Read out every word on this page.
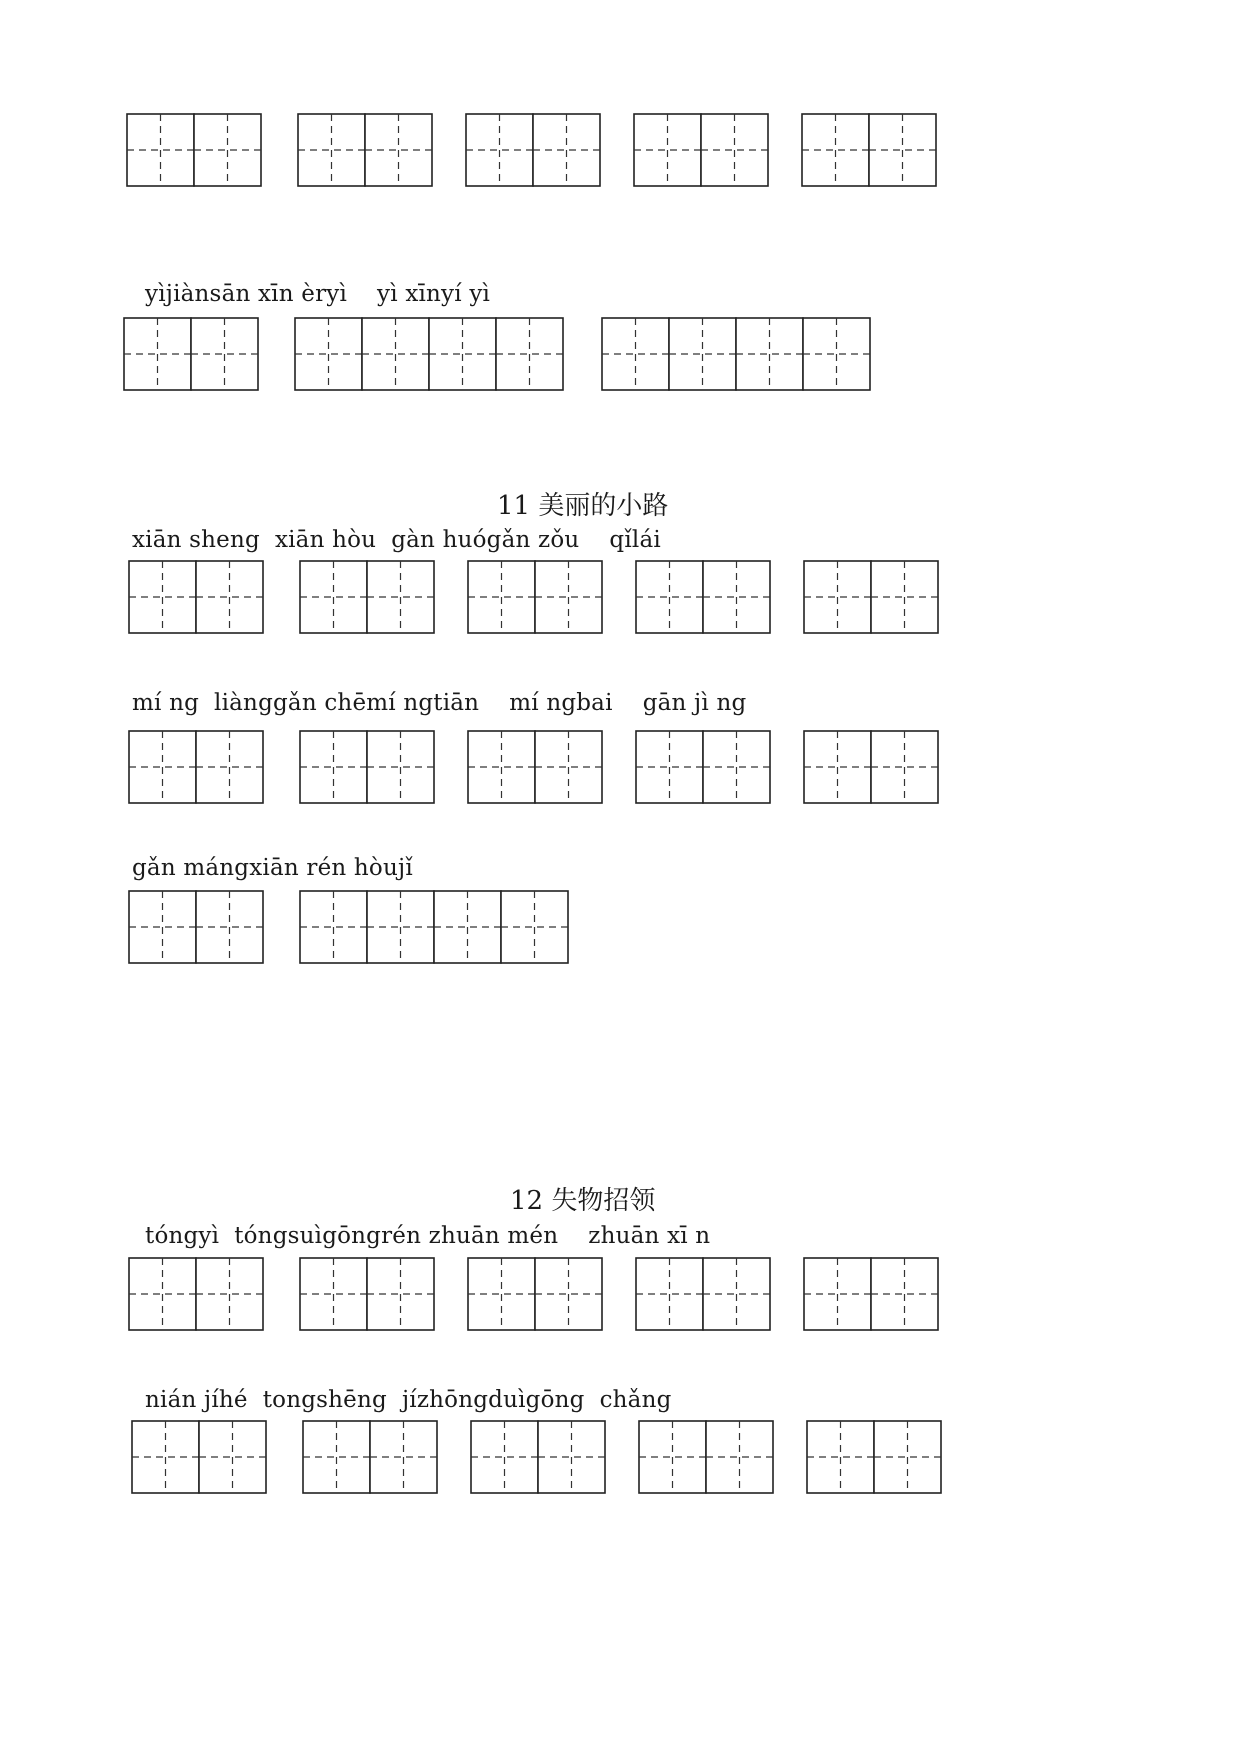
yìjiànsān xīn èryì    yì xīnyí yì
11 美丽的小路
xiān sheng  xiān hòu  gàn huógǎn zǒu    qǐlái
mí ng  liànggǎn chēmí ngtiān    mí ngbai    gān jì ng
gǎn mángxiān rén hòujǐ
12 失物招领
tóngyì  tóngsuìgōngrén zhuān mén    zhuān xī n
nián jíhé  tongshēng  jízhōngduìgōng  chǎng
